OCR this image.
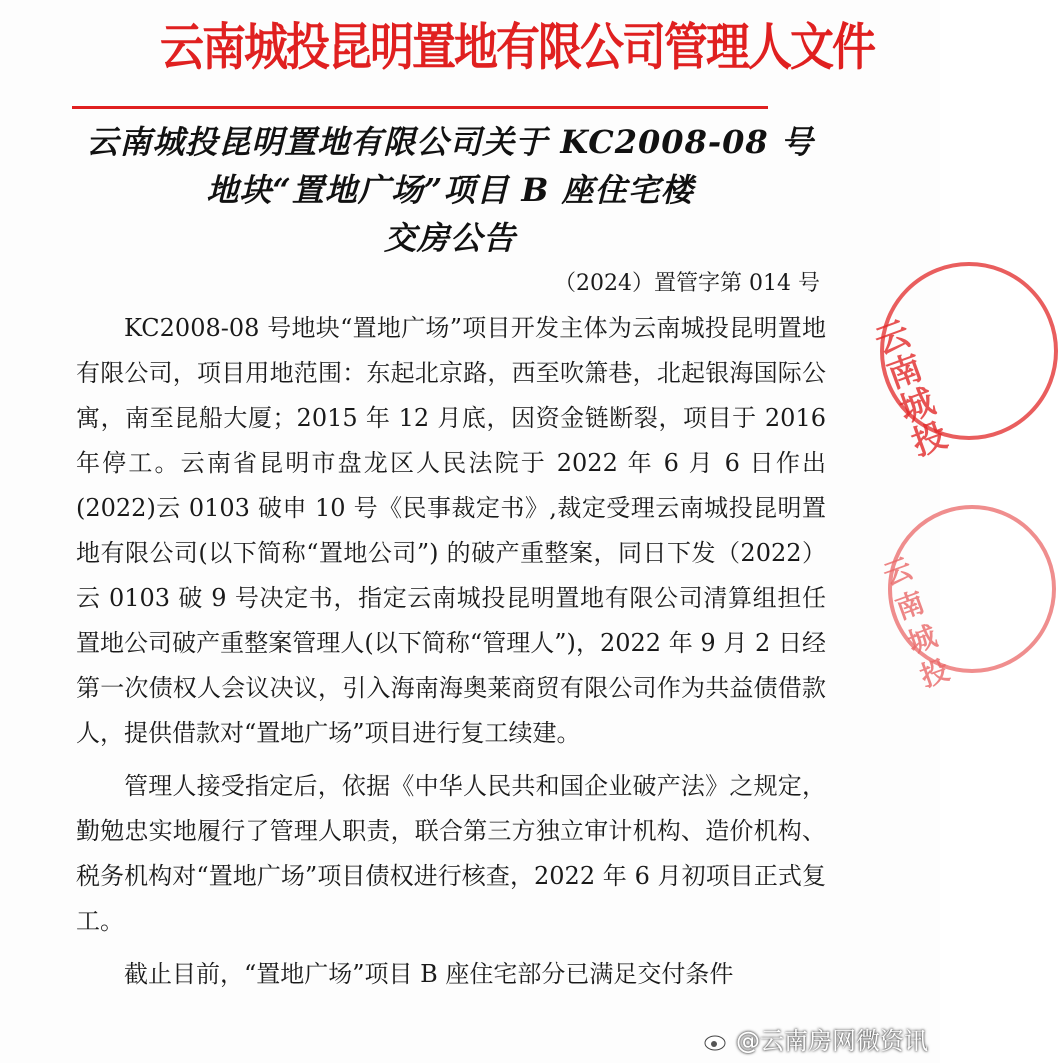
云南城投昆明置地有限公司管理人文件
云南城投昆明置地有限公司关于 KC2008-08 号
地块“置地广场”项目 B 座住宅楼
交房公告
（2024）置管字第 014 号

KC2008-08 号地块“置地广场”项目开发主体为云南城投昆明置地有限公司，项目用地范围：东起北京路，西至吹箫巷，北起银海国际公寓，南至昆船大厦；2015 年 12 月底，因资金链断裂，项目于 2016 年停工。云南省昆明市盘龙区人民法院于 2022 年 6 月 6 日作出 (2022)云 0103 破申 10 号《民事裁定书》,裁定受理云南城投昆明置地有限公司(以下简称“置地公司”) 的破产重整案，同日下发（2022）云 0103 破 9 号决定书，指定云南城投昆明置地有限公司清算组担任置地公司破产重整案管理人(以下简称“管理人”)，2022 年 9 月 2 日经第一次债权人会议决议，引入海南海奥莱商贸有限公司作为共益债借款人，提供借款对“置地广场”项目进行复工续建。

管理人接受指定后，依据《中华人民共和国企业破产法》之规定，勤勉忠实地履行了管理人职责，联合第三方独立审计机构、造价机构、税务机构对“置地广场”项目债权进行核查，2022 年 6 月初项目正式复工。

截止目前，“置地广场”项目 B 座住宅部分已满足交付条件

云南城投
云南城投
@云南房网微资讯
